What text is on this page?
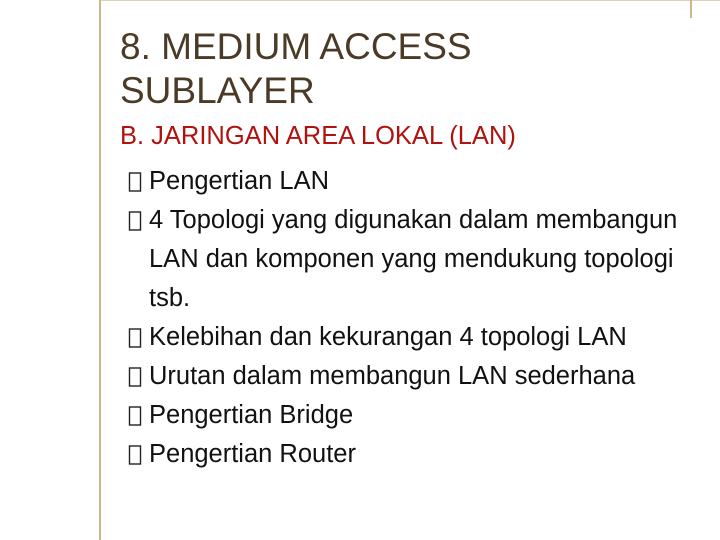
8. MEDIUM ACCESS SUBLAYER
B. JARINGAN AREA LOKAL (LAN)
Pengertian LAN
4 Topologi yang digunakan dalam membangun LAN dan komponen yang mendukung topologi tsb.
Kelebihan dan kekurangan 4 topologi LAN
Urutan dalam membangun LAN sederhana
Pengertian Bridge
Pengertian Router
